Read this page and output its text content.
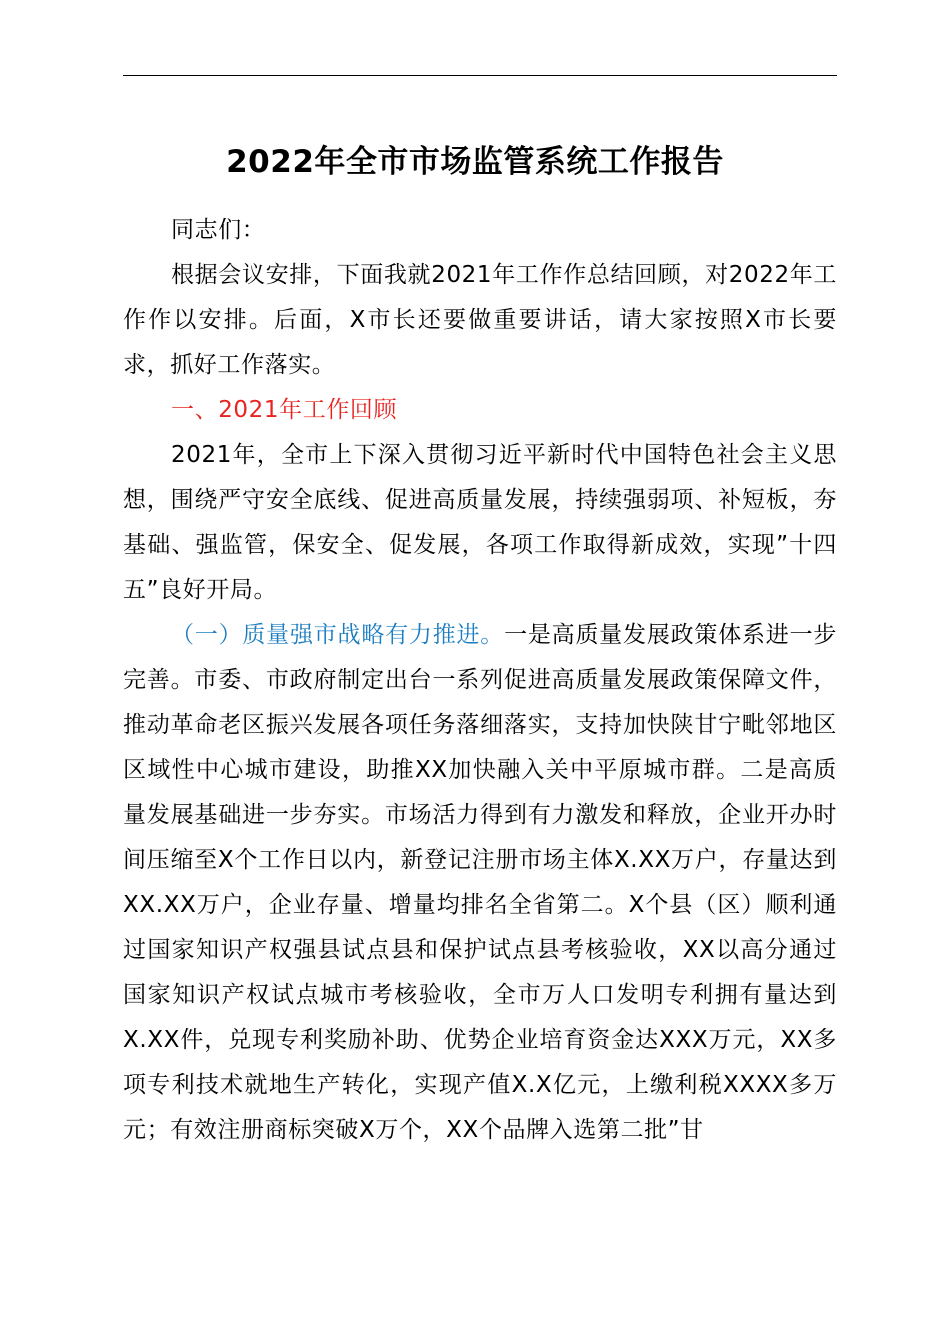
2022年全市市场监管系统工作报告

同志们：

根据会议安排，下面我就2021年工作作总结回顾，对2022年工作作以安排。后面，X市长还要做重要讲话，请大家按照X市长要求，抓好工作落实。

一、2021年工作回顾

2021年，全市上下深入贯彻习近平新时代中国特色社会主义思想，围绕严守安全底线、促进高质量发展，持续强弱项、补短板，夯基础、强监管，保安全、促发展，各项工作取得新成效，实现”十四五”良好开局。

（一）质量强市战略有力推进。一是高质量发展政策体系进一步完善。市委、市政府制定出台一系列促进高质量发展政策保障文件，推动革命老区振兴发展各项任务落细落实，支持加快陕甘宁毗邻地区区域性中心城市建设，助推XX加快融入关中平原城市群。二是高质量发展基础进一步夯实。市场活力得到有力激发和释放，企业开办时间压缩至X个工作日以内，新登记注册市场主体X.XX万户，存量达到XX.XX万户，企业存量、增量均排名全省第二。X个县（区）顺利通过国家知识产权强县试点县和保护试点县考核验收，XX以高分通过国家知识产权试点城市考核验收，全市万人口发明专利拥有量达到X.XX件，兑现专利奖励补助、优势企业培育资金达XXX万元，XX多项专利技术就地生产转化，实现产值X.X亿元，上缴利税XXXX多万元；有效注册商标突破X万个，XX个品牌入选第二批”甘
